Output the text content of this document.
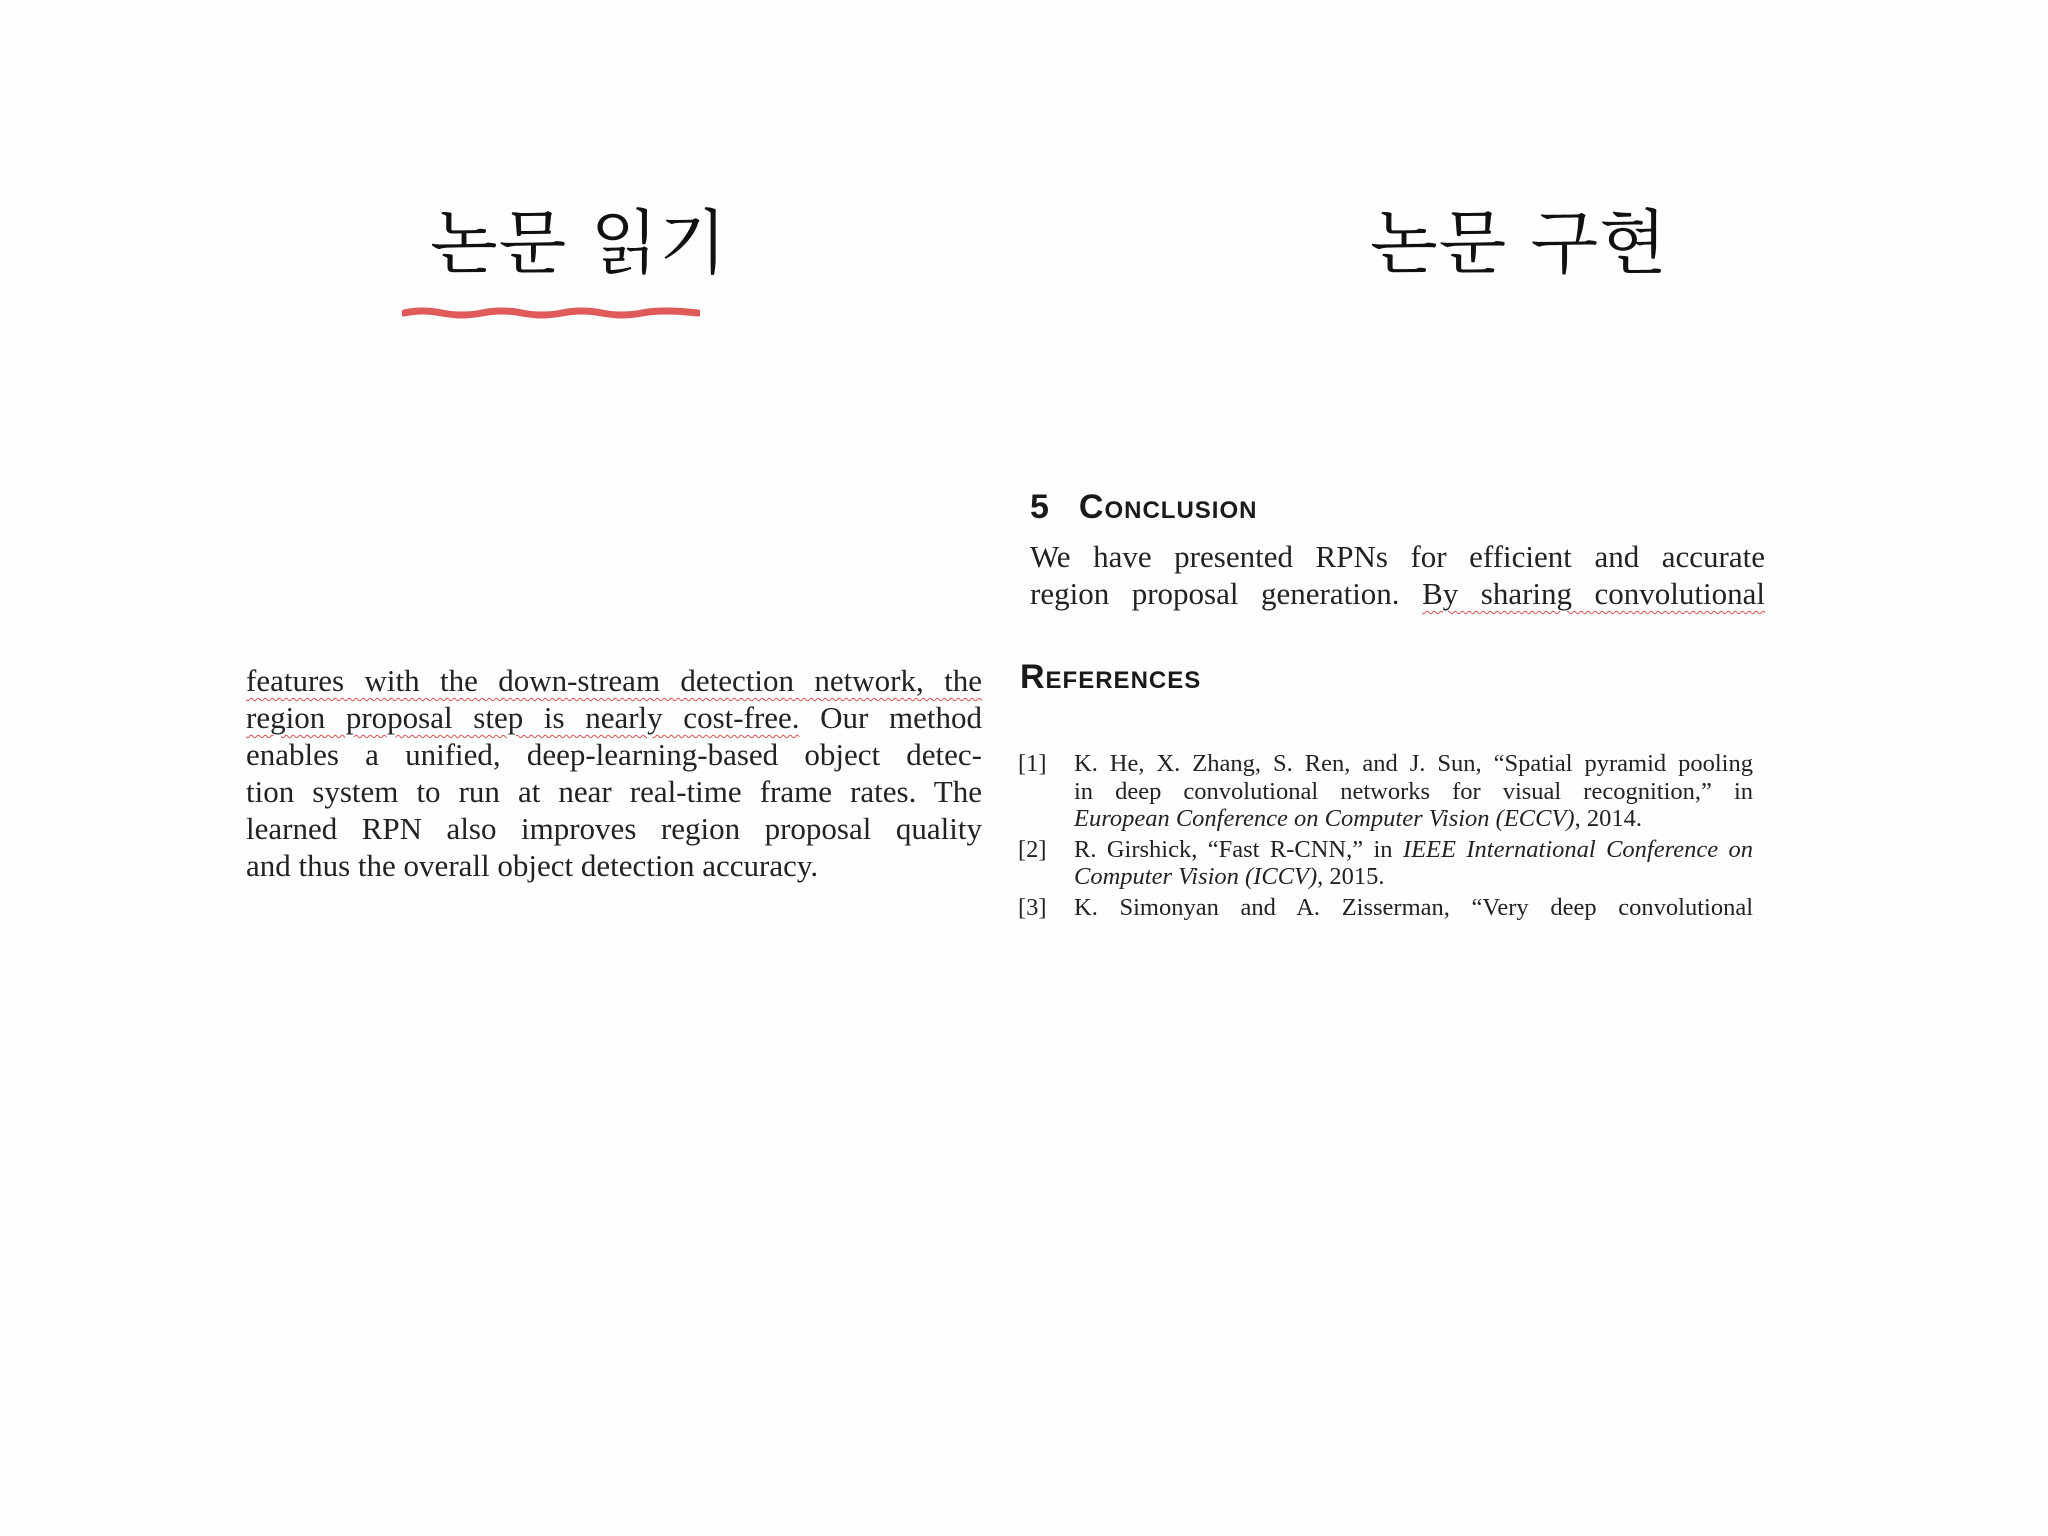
논문 읽기	논문 구현
features with the down-stream detection network, the
region proposal step is nearly cost-free. Our method
enables a unified, deep-learning-based object detec-
tion system to run at near real-time frame rates. The
learned RPN also improves region proposal quality
and thus the overall object detection accuracy.
5 Conclusion
We have presented RPNs for efficient and accurate
region proposal generation. By sharing convolutional
References
[1] K. He, X. Zhang, S. Ren, and J. Sun, “Spatial pyramid pooling
in deep convolutional networks for visual recognition,” in
European Conference on Computer Vision (ECCV), 2014.
[2] R. Girshick, “Fast R-CNN,” in IEEE International Conference on
Computer Vision (ICCV), 2015.
[3] K. Simonyan and A. Zisserman, “Very deep convolutional
